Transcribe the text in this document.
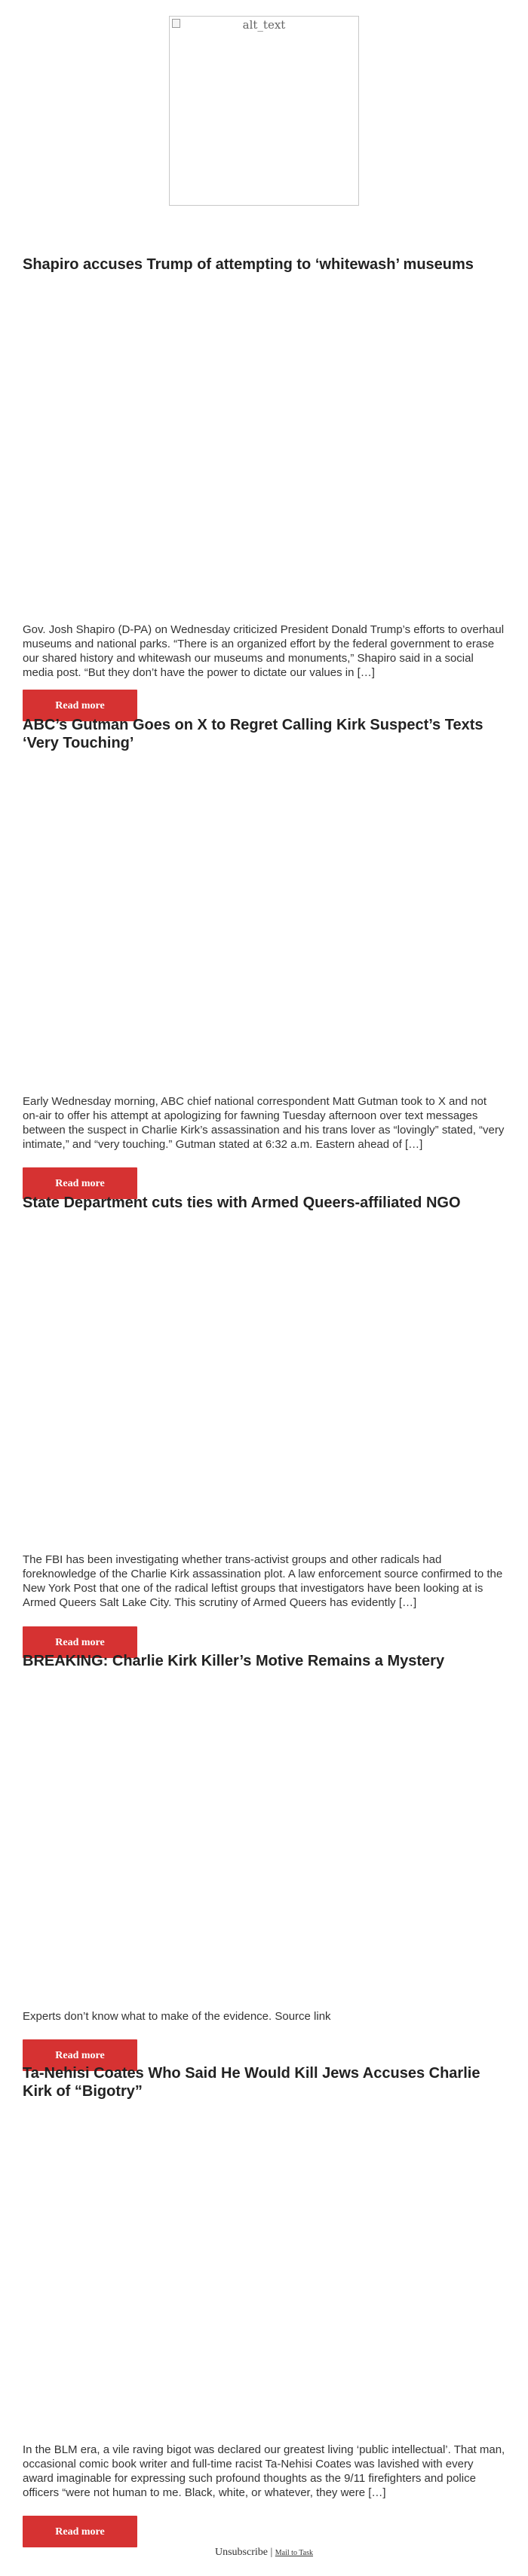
alt_text
Shapiro accuses Trump of attempting to ‘whitewash’ museums

Gov. Josh Shapiro (D-PA) on Wednesday criticized President Donald Trump’s efforts to overhaul museums and national parks. “There is an organized effort by the federal government to erase our shared history and whitewash our museums and monuments,” Shapiro said in a social media post. “But they don’t have the power to dictate our values in […]

Read more
ABC’s Gutman Goes on X to Regret Calling Kirk Suspect’s Texts ‘Very Touching’

Early Wednesday morning, ABC chief national correspondent Matt Gutman took to X and not on-air to offer his attempt at apologizing for fawning Tuesday afternoon over text messages between the suspect in Charlie Kirk’s assassination and his trans lover as “lovingly” stated, “very intimate,” and “very touching.” Gutman stated at 6:32 a.m. Eastern ahead of […]

Read more
State Department cuts ties with Armed Queers-affiliated NGO

The FBI has been investigating whether trans-activist groups and other radicals had foreknowledge of the Charlie Kirk assassination plot. A law enforcement source confirmed to the New York Post that one of the radical leftist groups that investigators have been looking at is Armed Queers Salt Lake City. This scrutiny of Armed Queers has evidently […]

Read more
BREAKING: Charlie Kirk Killer’s Motive Remains a Mystery

Experts don’t know what to make of the evidence. Source link

Read more
Ta-Nehisi Coates Who Said He Would Kill Jews Accuses Charlie Kirk of “Bigotry”

In the BLM era, a vile raving bigot was declared our greatest living ‘public intellectual’. That man, occasional comic book writer and full-time racist Ta-Nehisi Coates was lavished with every award imaginable for expressing such profound thoughts as the 9/11 firefighters and police officers “were not human to me. Black, white, or whatever, they were […]

Read more
Unsubscribe | Mail to Task
